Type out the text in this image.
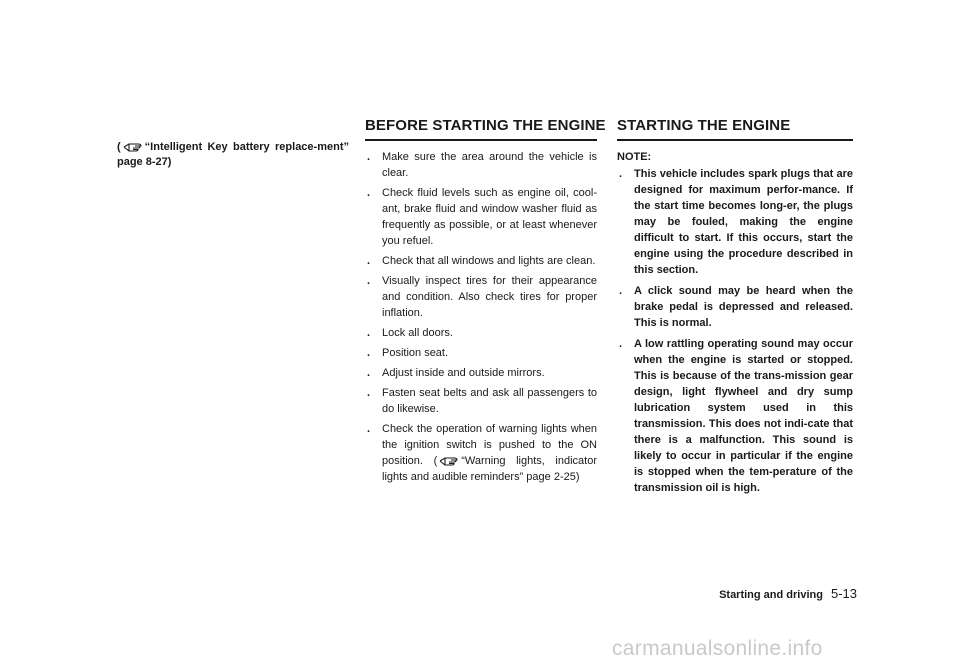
( “Intelligent Key battery replace-ment” page 8-27)
BEFORE STARTING THE ENGINE
. Make sure the area around the vehicle is clear.
. Check fluid levels such as engine oil, cool-ant, brake fluid and window washer fluid as frequently as possible, or at least whenever you refuel.
. Check that all windows and lights are clean.
. Visually inspect tires for their appearance and condition. Also check tires for proper inflation.
. Lock all doors.
. Position seat.
. Adjust inside and outside mirrors.
. Fasten seat belts and ask all passengers to do likewise.
. Check the operation of warning lights when the ignition switch is pushed to the ON position. ( “Warning lights, indicator lights and audible reminders” page 2-25)
STARTING THE ENGINE
NOTE:
. This vehicle includes spark plugs that are designed for maximum perfor-mance. If the start time becomes long-er, the plugs may be fouled, making the engine difficult to start. If this occurs, start the engine using the procedure described in this section.
. A click sound may be heard when the brake pedal is depressed and released. This is normal.
. A low rattling operating sound may occur when the engine is started or stopped. This is because of the trans-mission gear design, light flywheel and dry sump lubrication system used in this transmission. This does not indi-cate that there is a malfunction. This sound is likely to occur in particular if the engine is stopped when the tem-perature of the transmission oil is high.
Starting and driving 5-13
carmanualsonline.info
